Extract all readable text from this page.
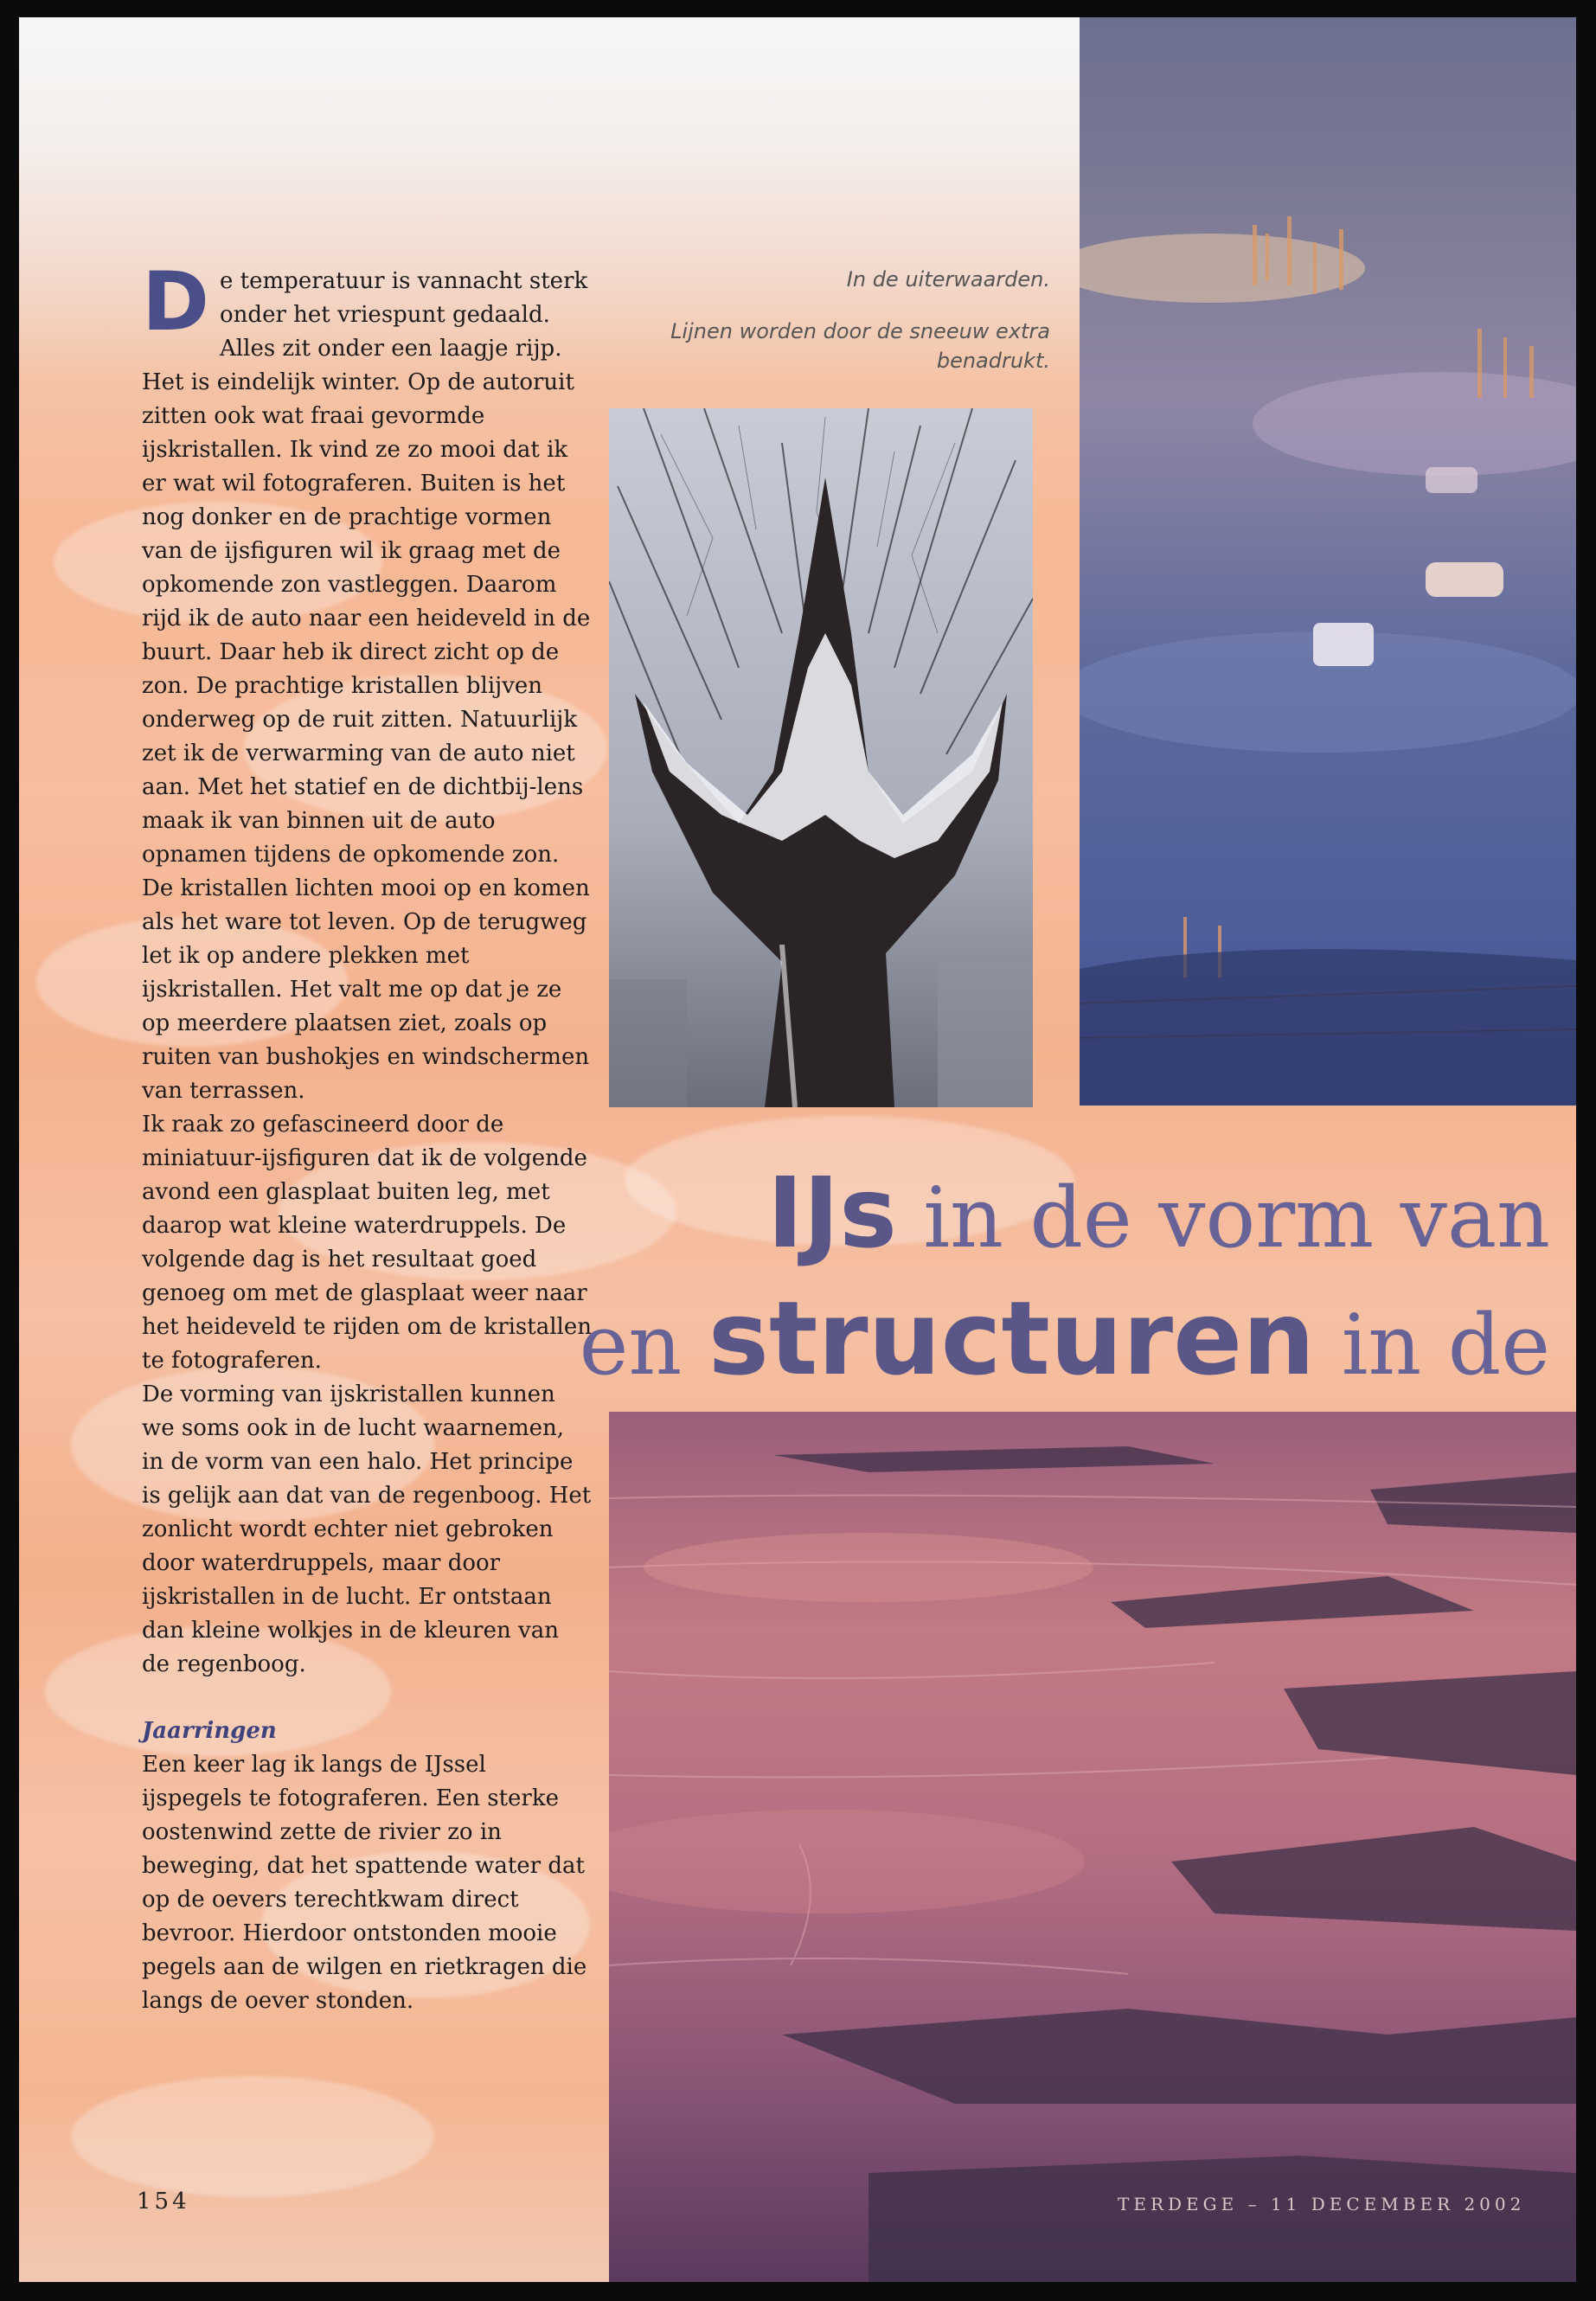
De temperatuur is vannacht sterk onder het vriespunt gedaald. Alles zit onder een laagje rijp. Het is eindelijk winter. Op de autoruit zitten ook wat fraai gevormde ijskristallen. Ik vind ze zo mooi dat ik er wat wil fotograferen. Buiten is het nog donker en de prachtige vormen van de ijsfiguren wil ik graag met de opkomende zon vastleggen. Daarom rijd ik de auto naar een heideveld in de buurt. Daar heb ik direct zicht op de zon. De prachtige kristallen blijven onderweg op de ruit zitten. Natuurlijk zet ik de verwarming van de auto niet aan. Met het statief en de dichtbij-lens maak ik van binnen uit de auto opnamen tijdens de opkomende zon. De kristallen lichten mooi op en komen als het ware tot leven. Op de terugweg let ik op andere plekken met ijskristallen. Het valt me op dat je ze op meerdere plaatsen ziet, zoals op ruiten van bushokjes en windschermen van terrassen.

Ik raak zo gefascineerd door de miniatuur-ijsfiguren dat ik de volgende avond een glasplaat buiten leg, met daarop wat kleine waterdruppels. De volgende dag is het resultaat goed genoeg om met de glasplaat weer naar het heideveld te rijden om de kristallen te fotograferen.

De vorming van ijskristallen kunnen we soms ook in de lucht waarnemen, in de vorm van een halo. Het principe is gelijk aan dat van de regenboog. Het zonlicht wordt echter niet gebroken door waterdruppels, maar door ijskristallen in de lucht. Er ontstaan dan kleine wolkjes in de kleuren van de regenboog.

Jaarringen

Een keer lag ik langs de IJssel ijspegels te fotograferen. Een sterke oostenwind zette de rivier zo in beweging, dat het spattende water dat op de oevers terechtkwam direct bevroor. Hierdoor ontstonden mooie pegels aan de wilgen en rietkragen die langs de oever stonden.

In de uiterwaarden.

Lijnen worden door de sneeuw extra benadrukt.

IJs in de vorm van
en structuren in de
154	TERDEGE – 11 DECEMBER 2002
